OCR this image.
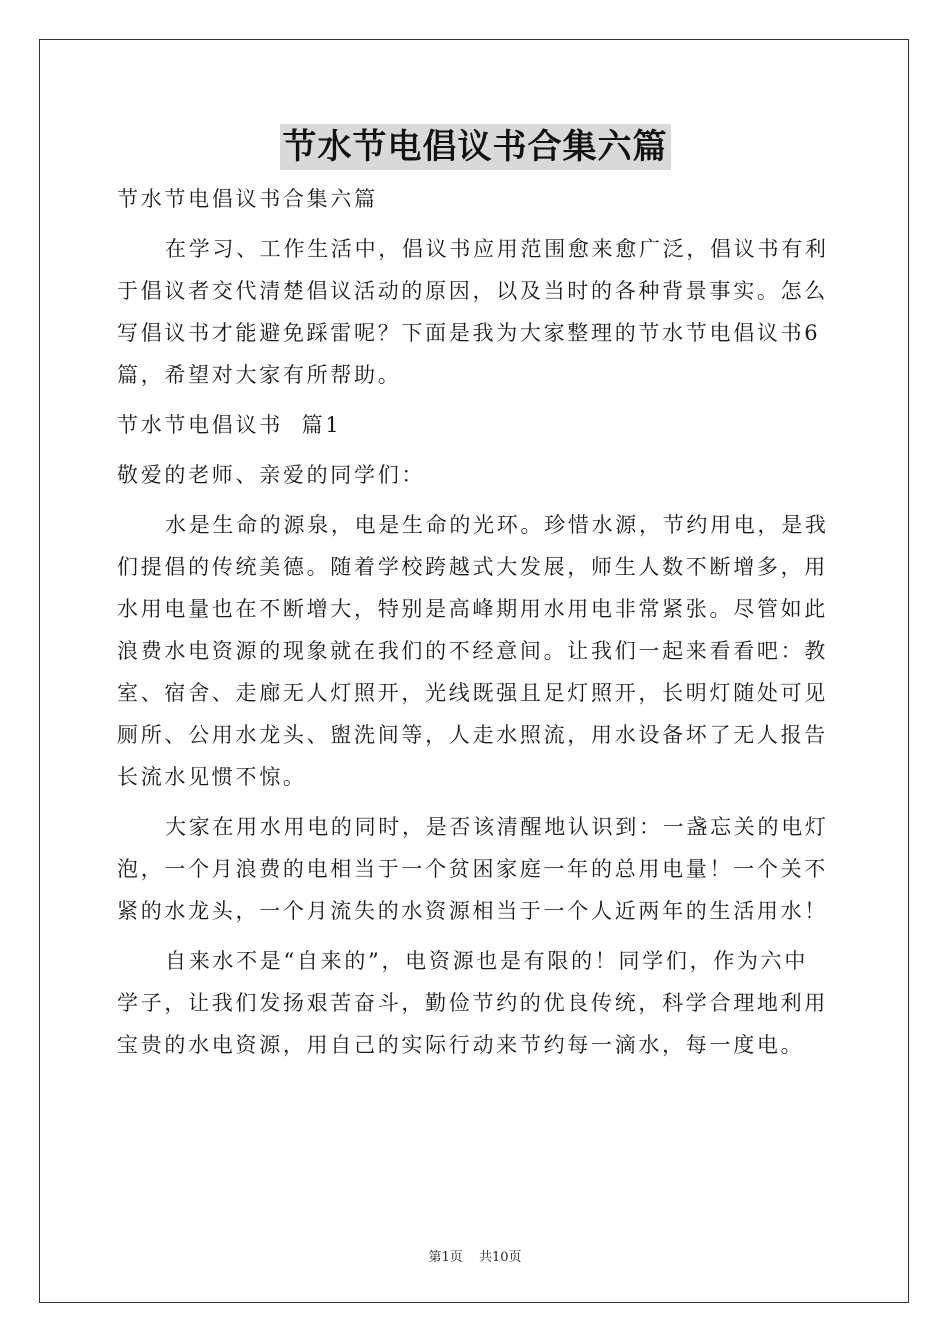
节水节电倡议书合集六篇

节水节电倡议书合集六篇

在学习、工作生活中，倡议书应用范围愈来愈广泛，倡议书有利

于倡议者交代清楚倡议活动的原因，以及当时的各种背景事实。怎么

写倡议书才能避免踩雷呢？下面是我为大家整理的节水节电倡议书6

篇，希望对大家有所帮助。

节水节电倡议书  篇1

敬爱的老师、亲爱的同学们：

水是生命的源泉，电是生命的光环。珍惜水源，节约用电，是我

们提倡的传统美德。随着学校跨越式大发展，师生人数不断增多，用

水用电量也在不断增大，特别是高峰期用水用电非常紧张。尽管如此

浪费水电资源的现象就在我们的不经意间。让我们一起来看看吧：教

室、宿舍、走廊无人灯照开，光线既强且足灯照开，长明灯随处可见

厕所、公用水龙头、盥洗间等，人走水照流，用水设备坏了无人报告

长流水见惯不惊。

大家在用水用电的同时，是否该清醒地认识到：一盏忘关的电灯

泡，一个月浪费的电相当于一个贫困家庭一年的总用电量！一个关不

紧的水龙头，一个月流失的水资源相当于一个人近两年的生活用水！

自来水不是“自来的”，电资源也是有限的！同学们，作为六中

学子，让我们发扬艰苦奋斗，勤俭节约的优良传统，科学合理地利用

宝贵的水电资源，用自己的实际行动来节约每一滴水，每一度电。

第1页 共10页
